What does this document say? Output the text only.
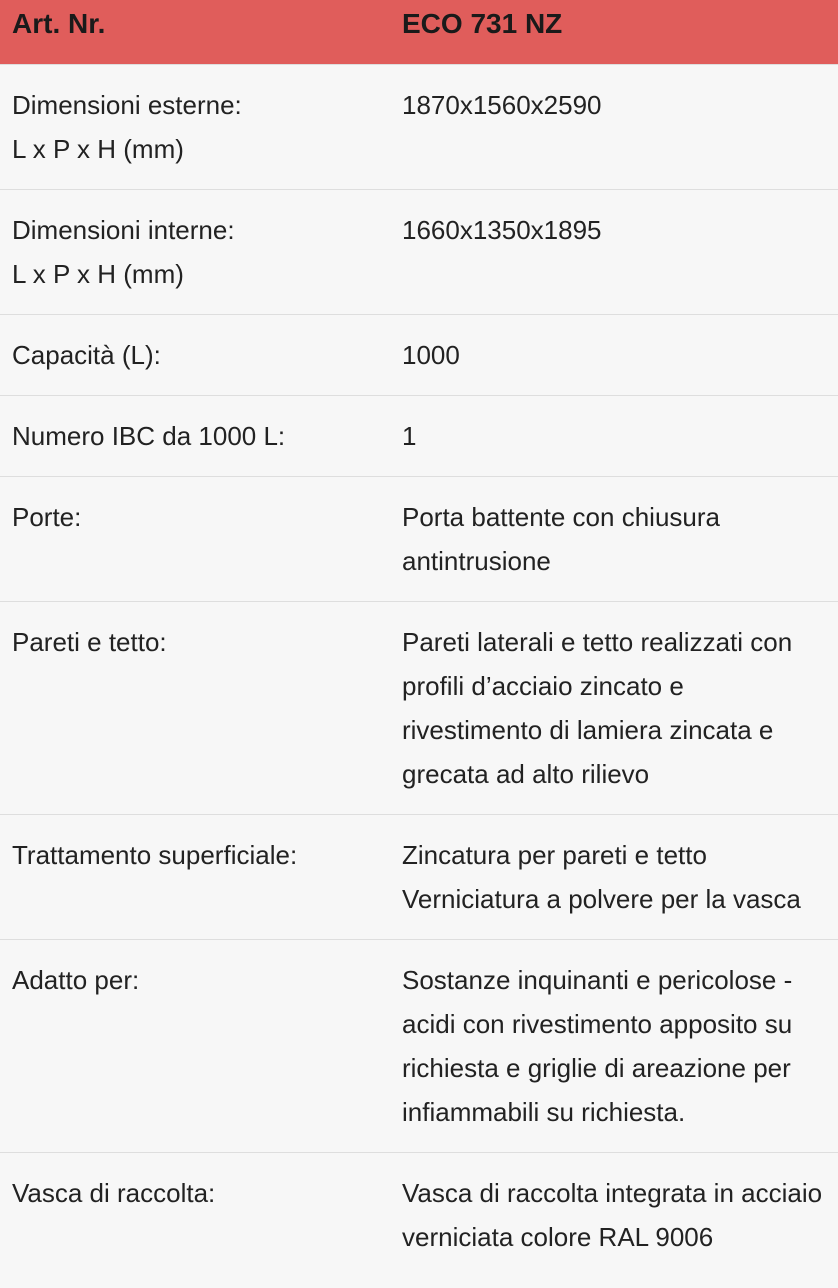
Art. Nr.	ECO 731 NZ

Dimensioni esterne:
L x P x H (mm)	1870x1560x2590

Dimensioni interne:
L x P x H (mm)	1660x1350x1895

Capacità (L):	1000

Numero IBC da 1000 L:	1

Porte:	Porta battente con chiusura antintrusione

Pareti e tetto:	Pareti laterali e tetto realizzati con profili d’acciaio zincato e rivestimento di lamiera zincata e grecata ad alto rilievo

Trattamento superficiale:	Zincatura per pareti e tetto
Verniciatura a polvere per la vasca

Adatto per:	Sostanze inquinanti e pericolose - acidi con rivestimento apposito su richiesta e griglie di areazione per infiammabili su richiesta.

Vasca di raccolta:	Vasca di raccolta integrata in acciaio verniciata colore RAL 9006
